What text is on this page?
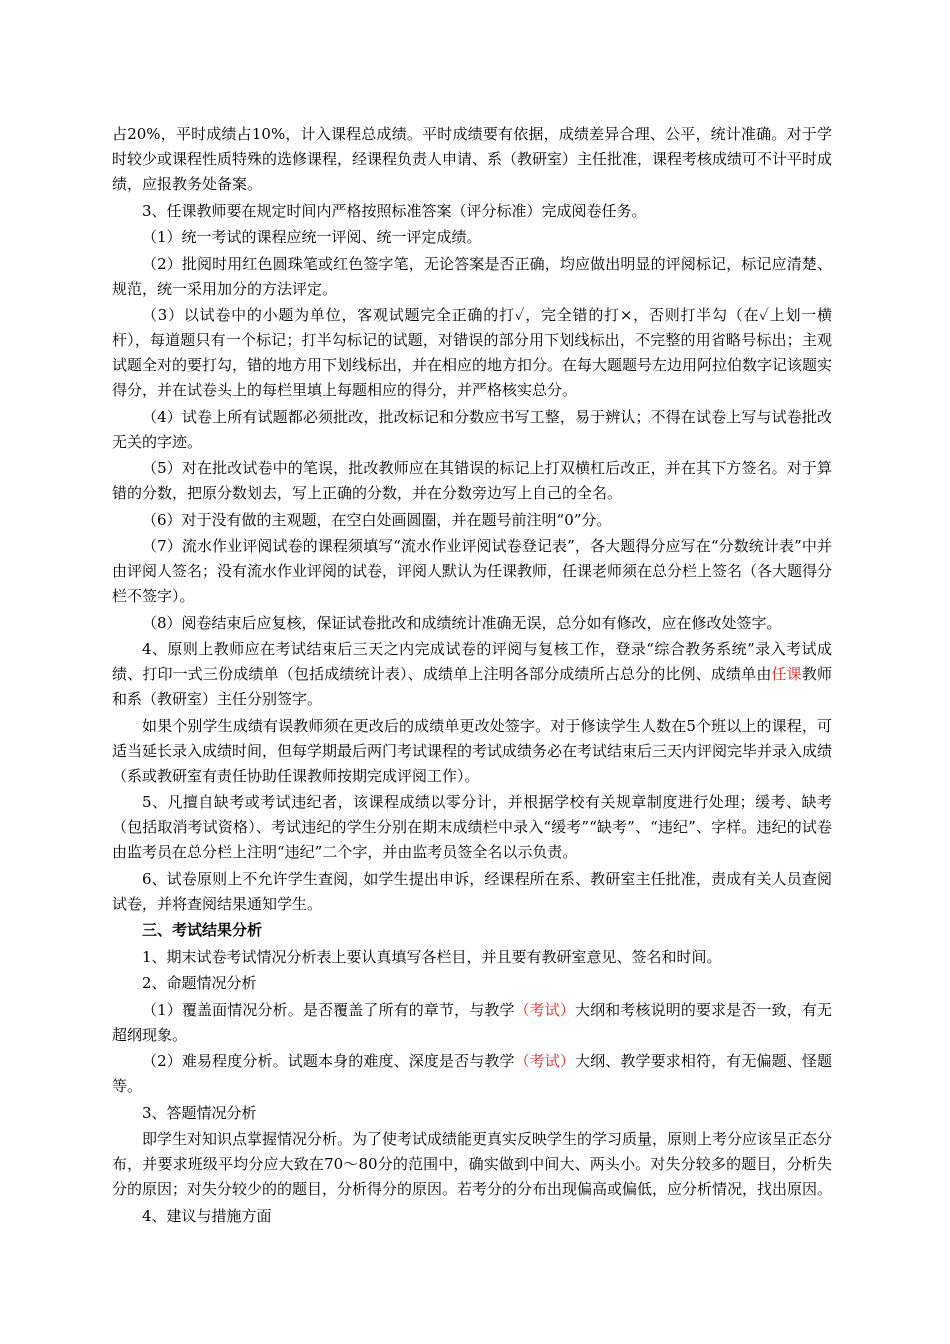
占20%，平时成绩占10%，计入课程总成绩。平时成绩要有依据，成绩差异合理、公平，统计准确。对于学时较少或课程性质特殊的选修课程，经课程负责人申请、系（教研室）主任批准，课程考核成绩可不计平时成绩，应报教务处备案。

3、任课教师要在规定时间内严格按照标准答案（评分标准）完成阅卷任务。

（1）统一考试的课程应统一评阅、统一评定成绩。

（2）批阅时用红色圆珠笔或红色签字笔，无论答案是否正确，均应做出明显的评阅标记，标记应清楚、规范，统一采用加分的方法评定。

（3）以试卷中的小题为单位，客观试题完全正确的打✓，完全错的打×，否则打半勾（在✓上划一横杆），每道题只有一个标记；打半勾标记的试题，对错误的部分用下划线标出，不完整的用省略号标出；主观试题全对的要打勾，错的地方用下划线标出，并在相应的地方扣分。在每大题题号左边用阿拉伯数字记该题实得分，并在试卷头上的每栏里填上每题相应的得分，并严格核实总分。

（4）试卷上所有试题都必须批改，批改标记和分数应书写工整，易于辨认；不得在试卷上写与试卷批改无关的字迹。

（5）对在批改试卷中的笔误，批改教师应在其错误的标记上打双横杠后改正，并在其下方签名。对于算错的分数，把原分数划去，写上正确的分数，并在分数旁边写上自己的全名。

（6）对于没有做的主观题，在空白处画圆圈，并在题号前注明“0”分。

（7）流水作业评阅试卷的课程须填写“流水作业评阅试卷登记表”，各大题得分应写在“分数统计表”中并由评阅人签名；没有流水作业评阅的试卷，评阅人默认为任课教师，任课老师须在总分栏上签名（各大题得分栏不签字）。

（8）阅卷结束后应复核，保证试卷批改和成绩统计准确无误，总分如有修改，应在修改处签字。

4、原则上教师应在考试结束后三天之内完成试卷的评阅与复核工作，登录“综合教务系统”录入考试成绩、打印一式三份成绩单（包括成绩统计表）、成绩单上注明各部分成绩所占总分的比例、成绩单由任课教师和系（教研室）主任分别签字。

如果个别学生成绩有误教师须在更改后的成绩单更改处签字。对于修读学生人数在5个班以上的课程，可适当延长录入成绩时间，但每学期最后两门考试课程的考试成绩务必在考试结束后三天内评阅完毕并录入成绩（系或教研室有责任协助任课教师按期完成评阅工作）。

5、凡擅自缺考或考试违纪者，该课程成绩以零分计，并根据学校有关规章制度进行处理；缓考、缺考（包括取消考试资格）、考试违纪的学生分别在期末成绩栏中录入“缓考”“缺考”、“违纪”、字样。违纪的试卷由监考员在总分栏上注明“违纪”二个字，并由监考员签全名以示负责。

6、试卷原则上不允许学生查阅，如学生提出申诉，经课程所在系、教研室主任批准，责成有关人员查阅试卷，并将查阅结果通知学生。

三、考试结果分析

1、期末试卷考试情况分析表上要认真填写各栏目，并且要有教研室意见、签名和时间。

2、命题情况分析

（1）覆盖面情况分析。是否覆盖了所有的章节，与教学（考试）大纲和考核说明的要求是否一致，有无超纲现象。

（2）难易程度分析。试题本身的难度、深度是否与教学（考试）大纲、教学要求相符，有无偏题、怪题等。

3、答题情况分析

即学生对知识点掌握情况分析。为了使考试成绩能更真实反映学生的学习质量，原则上考分应该呈正态分布，并要求班级平均分应大致在70～80分的范围中，确实做到中间大、两头小。对失分较多的题目，分析失分的原因；对失分较少的的题目，分析得分的原因。若考分的分布出现偏高或偏低，应分析情况，找出原因。

4、建议与措施方面
